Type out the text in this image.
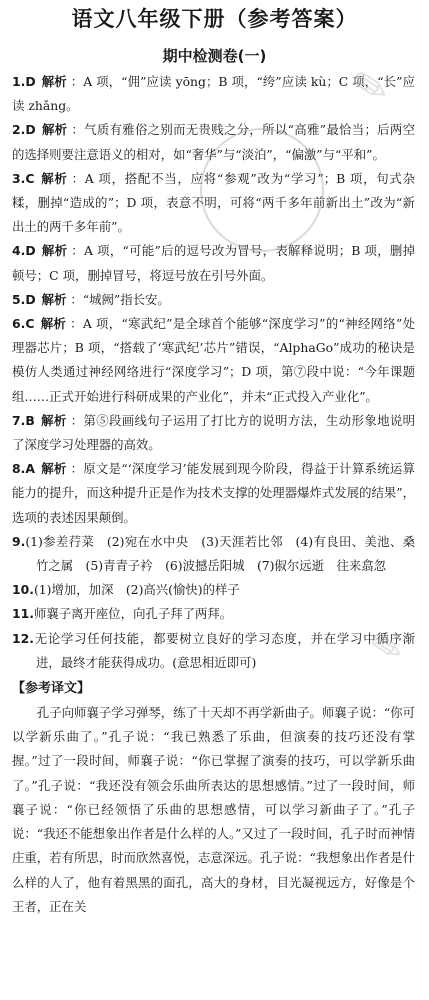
语文八年级下册（参考答案）
期中检测卷(一)
1.D 解析 ：A 项，“佣”应读 yōng；B 项，“绔”应读 kù；C 项，“长”应读 zhǎng。
2.D 解析 ：气质有雅俗之别而无贵贱之分，所以“高雅”最恰当；后两空的选择则要注意语义的相对，如“奢华”与“淡泊”，“偏激”与“平和”。
3.C 解析 ：A 项，搭配不当，应将“参观”改为“学习”；B 项，句式杂糅，删掉“造成的”；D 项，表意不明，可将“两千多年前新出土”改为“新出土的两千多年前”。
4.D 解析 ：A 项，“可能”后的逗号改为冒号，表解释说明；B 项，删掉顿号；C 项，删掉冒号，将逗号放在引号外面。
5.D 解析 ：“城阙”指长安。
6.C 解析 ：A 项，“寒武纪”是全球首个能够“深度学习”的“神经网络”处理器芯片；B 项，“搭载了‘寒武纪’芯片”错误，“AlphaGo”成功的秘诀是模仿人类通过神经网络进行“深度学习”；D 项，第⑦段中说：“今年课题组……正式开始进行科研成果的产业化”，并未“正式投入产业化”。
7.B 解析 ：第⑤段画线句子运用了打比方的说明方法，生动形象地说明了深度学习处理器的高效。
8.A 解析 ：原文是“‘深度学习’能发展到现今阶段，得益于计算系统运算能力的提升，而这种提升正是作为技术支撑的处理器爆炸式发展的结果”，选项的表述因果颠倒。
9.(1)参差荇菜　(2)宛在水中央　(3)天涯若比邻　(4)有良田、美池、桑竹之属　(5)青青子衿　(6)波撼岳阳城　(7)俶尔远逝　往来翕忽
10.(1)增加，加深　(2)高兴(愉快)的样子
11.师襄子离开座位，向孔子拜了两拜。
12.无论学习任何技能，都要树立良好的学习态度，并在学习中循序渐进，最终才能获得成功。(意思相近即可)
【参考译文】
孔子向师襄子学习弹琴，练了十天却不再学新曲子。师襄子说：“你可以学新乐曲了。”孔子说：“我已熟悉了乐曲，但演奏的技巧还没有掌握。”过了一段时间，师襄子说：“你已掌握了演奏的技巧，可以学新乐曲了。”孔子说：“我还没有领会乐曲所表达的思想感情。”过了一段时间，师襄子说：“你已经领悟了乐曲的思想感情，可以学习新曲子了。”孔子说：“我还不能想象出作者是什么样的人。”又过了一段时间，孔子时而神情庄重，若有所思，时而欣然喜悦，志意深远。孔子说：“我想象出作者是什么样的人了，他有着黑黑的面孔，高大的身材，目光凝视远方，好像是个王者，正在关
✎
✎
